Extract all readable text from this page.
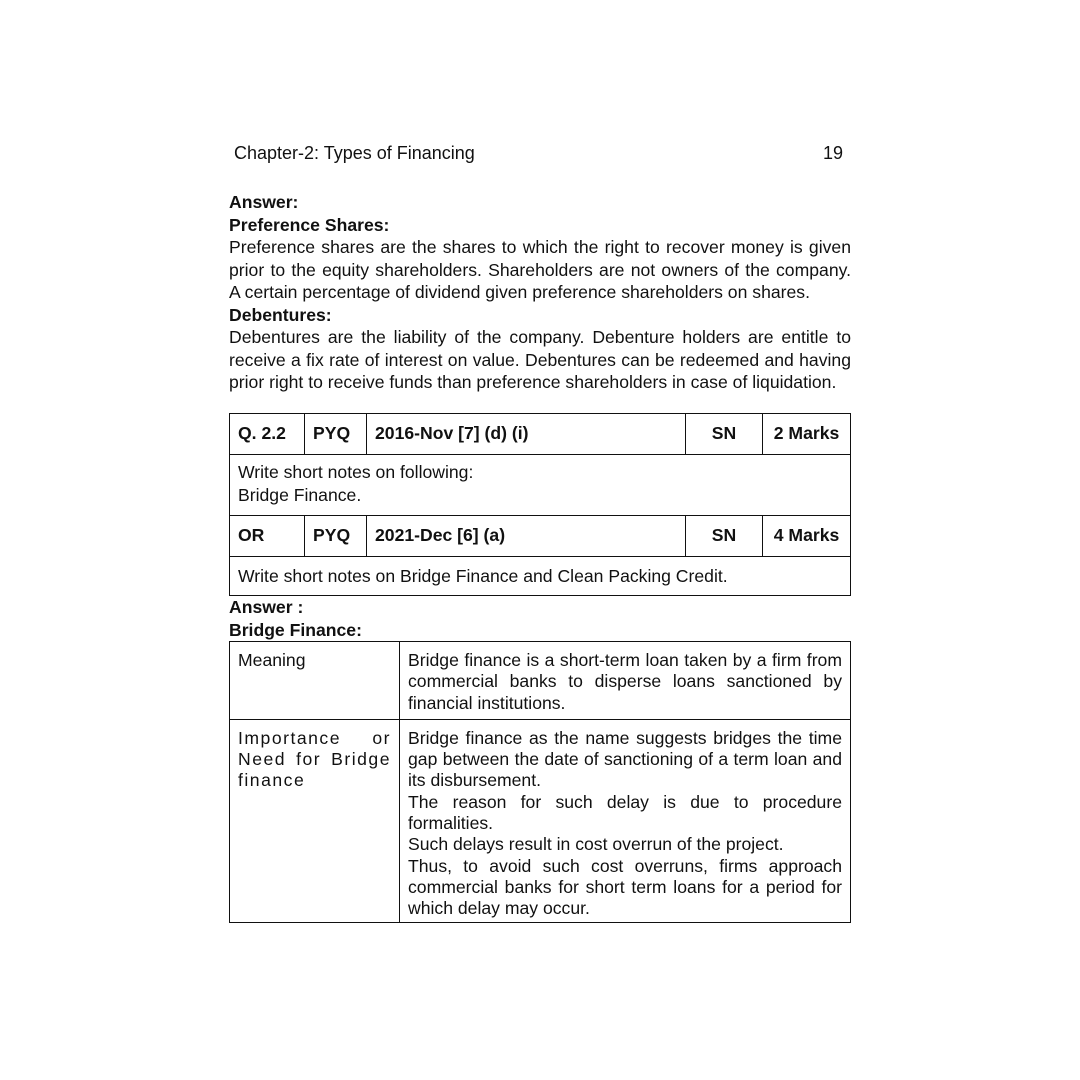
Chapter-2: Types of Financing	19
Answer:
Preference Shares:
Preference shares are the shares to which the right to recover money is given prior to the equity shareholders. Shareholders are not owners of the company. A certain percentage of dividend given preference shareholders on shares.
Debentures:
Debentures are the liability of the company. Debenture holders are entitle to receive a fix rate of interest on value. Debentures can be redeemed and having prior right to receive funds than preference shareholders in case of liquidation.
Q. 2.2	PYQ	2016-Nov [7] (d) (i)	SN	2 Marks

Write short notes on following:
Bridge Finance.				

OR	PYQ	2021-Dec [6] (a)	SN	4 Marks
Write short notes on Bridge Finance and Clean Packing Credit.				
Answer :
Bridge Finance:
Meaning	Bridge finance is a short-term loan taken by a firm from commercial banks to disperse loans sanctioned by financial institutions.
Importance or Need for Bridge finance	Bridge finance as the name suggests bridges the time gap between the date of sanctioning of a term loan and its disbursement.
The reason for such delay is due to procedure formalities.
Such delays result in cost overrun of the project.
Thus, to avoid such cost overruns, firms approach commercial banks for short term loans for a period for which delay may occur.
